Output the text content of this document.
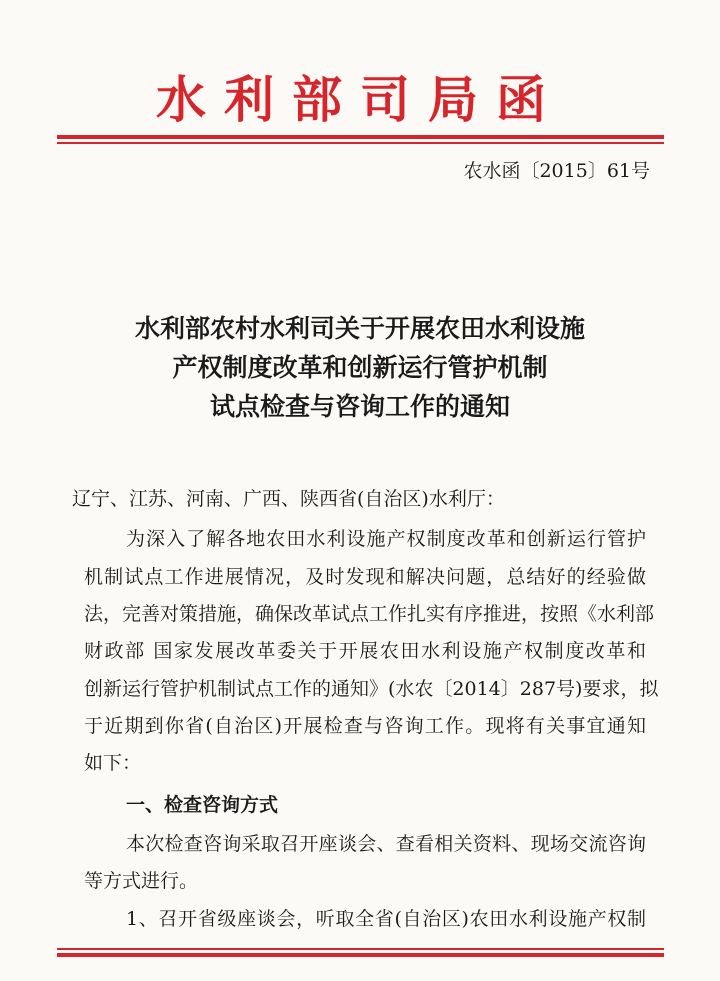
水利部司局函
农水函〔2015〕61号
水利部农村水利司关于开展农田水利设施
产权制度改革和创新运行管护机制
试点检查与咨询工作的通知
辽宁、江苏、河南、广西、陕西省(自治区)水利厅：
为深入了解各地农田水利设施产权制度改革和创新运行管护
机制试点工作进展情况，及时发现和解决问题，总结好的经验做
法，完善对策措施，确保改革试点工作扎实有序推进，按照《水利部
财政部 国家发展改革委关于开展农田水利设施产权制度改革和
创新运行管护机制试点工作的通知》(水农〔2014〕287号)要求，拟
于近期到你省(自治区)开展检查与咨询工作。现将有关事宜通知
如下：
一、检查咨询方式
本次检查咨询采取召开座谈会、查看相关资料、现场交流咨询
等方式进行。
1、召开省级座谈会，听取全省(自治区)农田水利设施产权制
